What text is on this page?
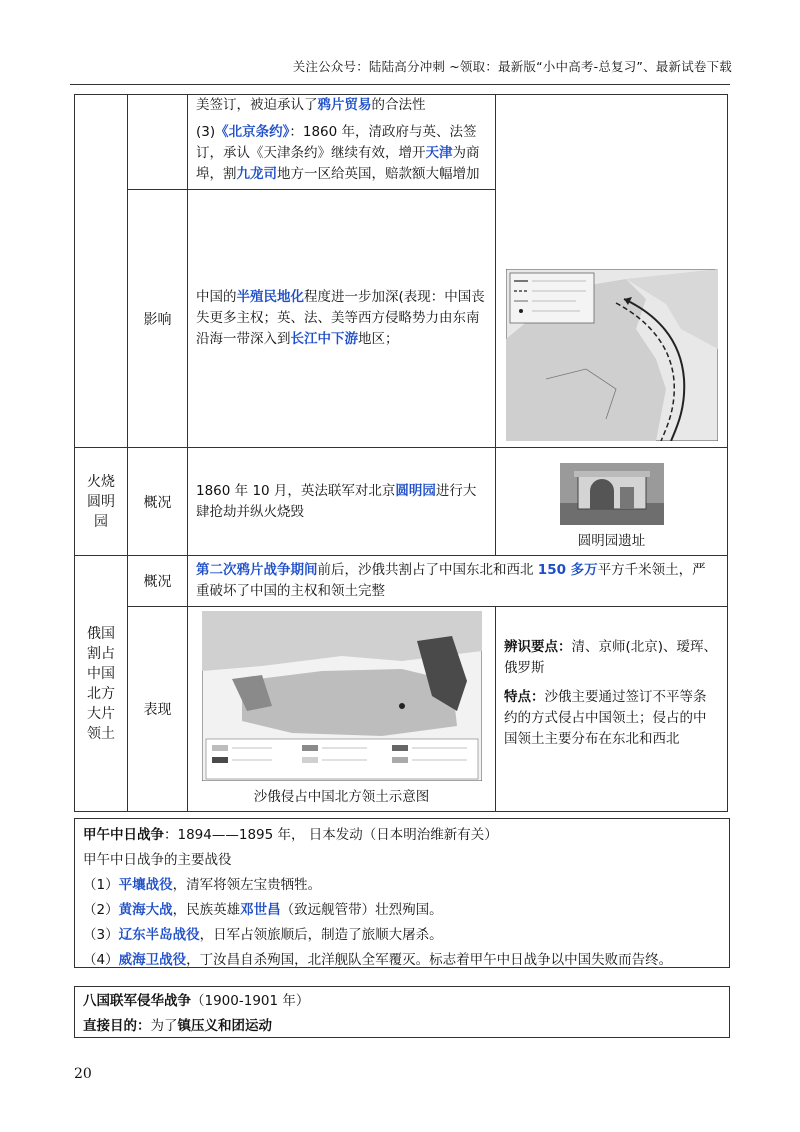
关注公众号：陆陆高分冲刺 ~领取：最新版“小中高考-总复习”、最新试卷下载

		美签订，被迫承认了鸦片贸易的合法性
(3)《北京条约》：1860 年，清政府与英、法签订，承认《天津条约》继续有效，增开天津为商埠，割九龙司地方一区给英国，赔款额大幅增加

	影响	中国的半殖民地化程度进一步加深(表现：中国丧失更多主权；英、法、美等西方侵略势力由东南沿海一带深入到长江中下游地区；	

火烧圆明园	概况	1860 年 10 月，英法联军对北京圆明园进行大肆抢劫并纵火烧毁	圆明园遗址

俄国割占中国北方大片领土	概况	第二次鸦片战争期间前后，沙俄共割占了中国东北和西北 150 多万平方千米领土，严重破坏了中国的主权和领土完整	

	表现	沙俄侵占中国北方领土示意图	辨识要点：清、京师(北京)、瑷珲、俄罗斯
特点：沙俄主要通过签订不平等条约的方式侵占中国领土；侵占的中国领土主要分布在东北和西北
甲午中日战争：1894——1895 年， 日本发动（日本明治维新有关）
甲午中日战争的主要战役
（1）平壤战役，清军将领左宝贵牺牲。
（2）黄海大战，民族英雄邓世昌（致远舰管带）壮烈殉国。
（3）辽东半岛战役，日军占领旅顺后，制造了旅顺大屠杀。
（4）威海卫战役，丁汝昌自杀殉国，北洋舰队全军覆灭。标志着甲午中日战争以中国失败而告终。
八国联军侵华战争（1900-1901 年）
直接目的：为了镇压义和团运动
20
